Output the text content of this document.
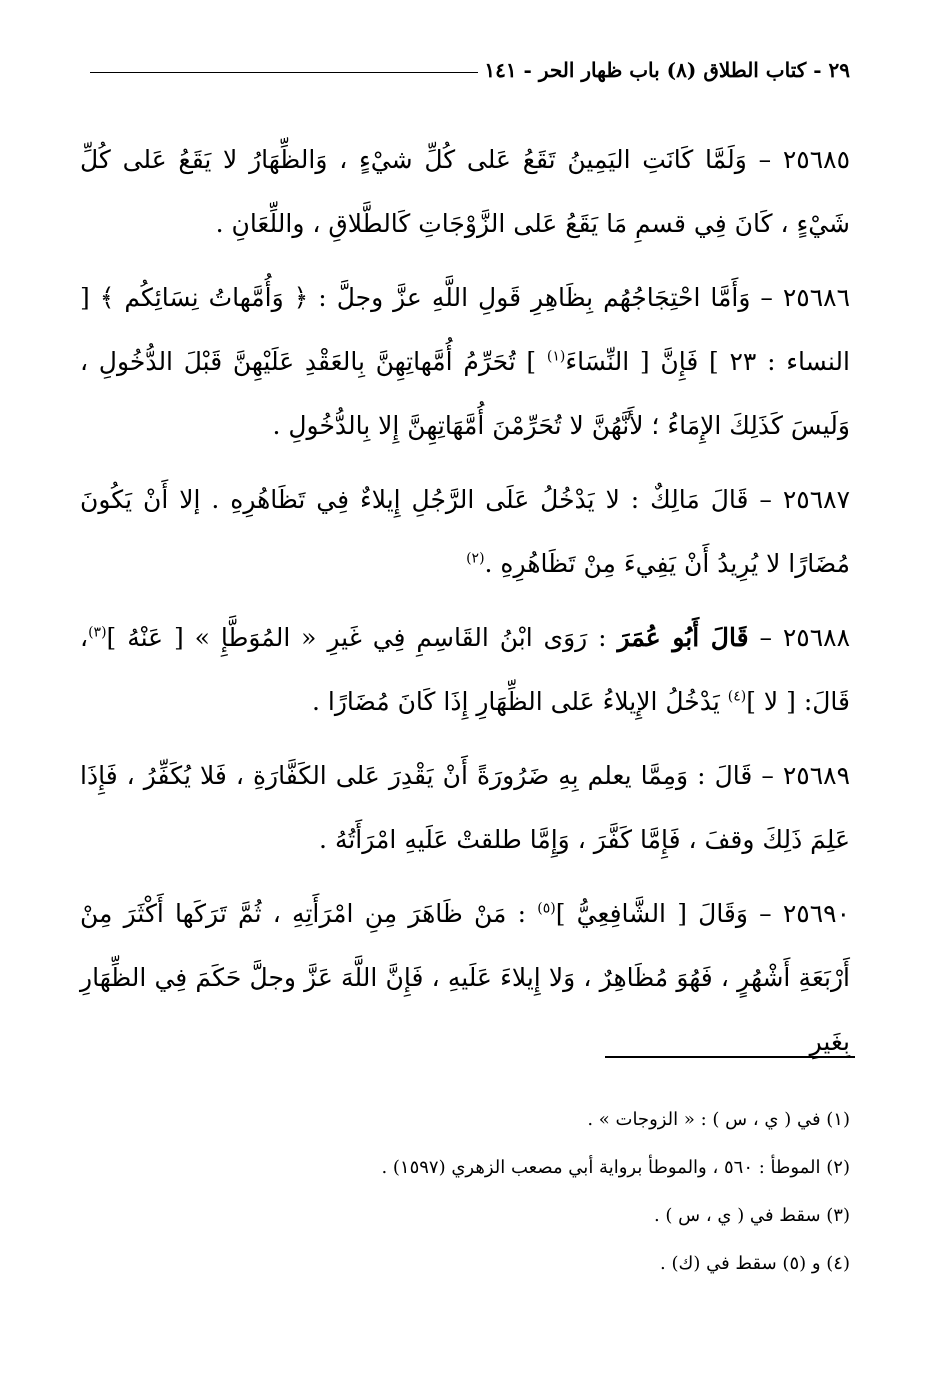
٢٩ - كتاب الطلاق (٨) باب ظهار الحر - ١٤١

٢٥٦٨٥ – وَلَمَّا كَانَتِ اليَمِينُ تَقَعُ عَلى كُلِّ شيْءٍ ، وَالظِّهَارُ لا يَقَعُ عَلى كُلِّ شَيْءٍ ، كَانَ فِي قسمِ مَا يَقَعُ عَلى الزَّوْجَاتِ كَالطَّلاقِ ، واللِّعَانِ .

٢٥٦٨٦ – وَأَمَّا احْتِجَاجُهُم بِظَاهِرِ قَولِ اللَّهِ عزَّ وجلَّ : ﴿ وَأُمَّهاتُ نِسَائِكُم ﴾ [ النساء : ٢٣ ] فَإِنَّ [ النِّسَاءَ$^{(١)}$ ] تُحَرِّمُ أُمَّهاتِهِنَّ بِالعَقْدِ عَلَيْهِنَّ قَبْلَ الدُّخُولِ ، وَلَيسَ كَذَلِكَ الإِمَاءُ ؛ لأَنَّهُنَّ لا تُحَرِّمْنَ أُمَّهَاتِهِنَّ إِلا بِالدُّخُولِ .

٢٥٦٨٧ – قَالَ مَالِكٌ : لا يَدْخُلُ عَلَى الرَّجُلِ إِيلاءٌ فِي تَظَاهُرِهِ . إلا أَنْ يَكُونَ مُضَارًا لا يُرِيدُ أَنْ يَفِيءَ مِنْ تَظَاهُرِهِ .$^{(٢)}$

٢٥٦٨٨ – قَالَ أَبُو عُمَرَ : رَوَى ابْنُ القَاسِمِ فِي غَيرِ « المُوَطَّإِ » [ عَنْهُ ]$^{(٣)}$، قَالَ: [ لا ]$^{(٤)}$ يَدْخُلُ الإِيلاءُ عَلى الظِّهَارِ إِذَا كَانَ مُضَارًا .

٢٥٦٨٩ – قَالَ : وَمِمَّا يعلم بِهِ ضَرُورَةً أَنْ يَقْدِرَ عَلى الكَفَّارَةِ ، فَلا يُكَفِّرُ ، فَإِذَا عَلِمَ ذَلِكَ وقفَ ، فَإِمَّا كَفَّرَ ، وَإِمَّا طلقتْ عَلَيهِ امْرَأَتُهُ .

٢٥٦٩٠ – وَقَالَ [ الشَّافِعِيُّ ]$^{(٥)}$ : مَنْ ظَاهَرَ مِنِ امْرَأَتِهِ ، ثُمَّ تَرَكَها أَكْثَرَ مِنْ أَرْبَعَةِ أَشْهُرٍ ، فَهُوَ مُظَاهِرٌ ، وَلا إِيلاءَ عَلَيهِ ، فَإِنَّ اللَّهَ عَزَّ وجلَّ حَكَمَ فِي الظِّهَارِ بِغَيرِ

(١) في ( ي ، س ) : « الزوجات » .
(٢) الموطأ : ٥٦٠ ، والموطأ برواية أبي مصعب الزهري (١٥٩٧) .
(٣) سقط في ( ي ، س ) .
(٤) و (٥) سقط في (ك) .
